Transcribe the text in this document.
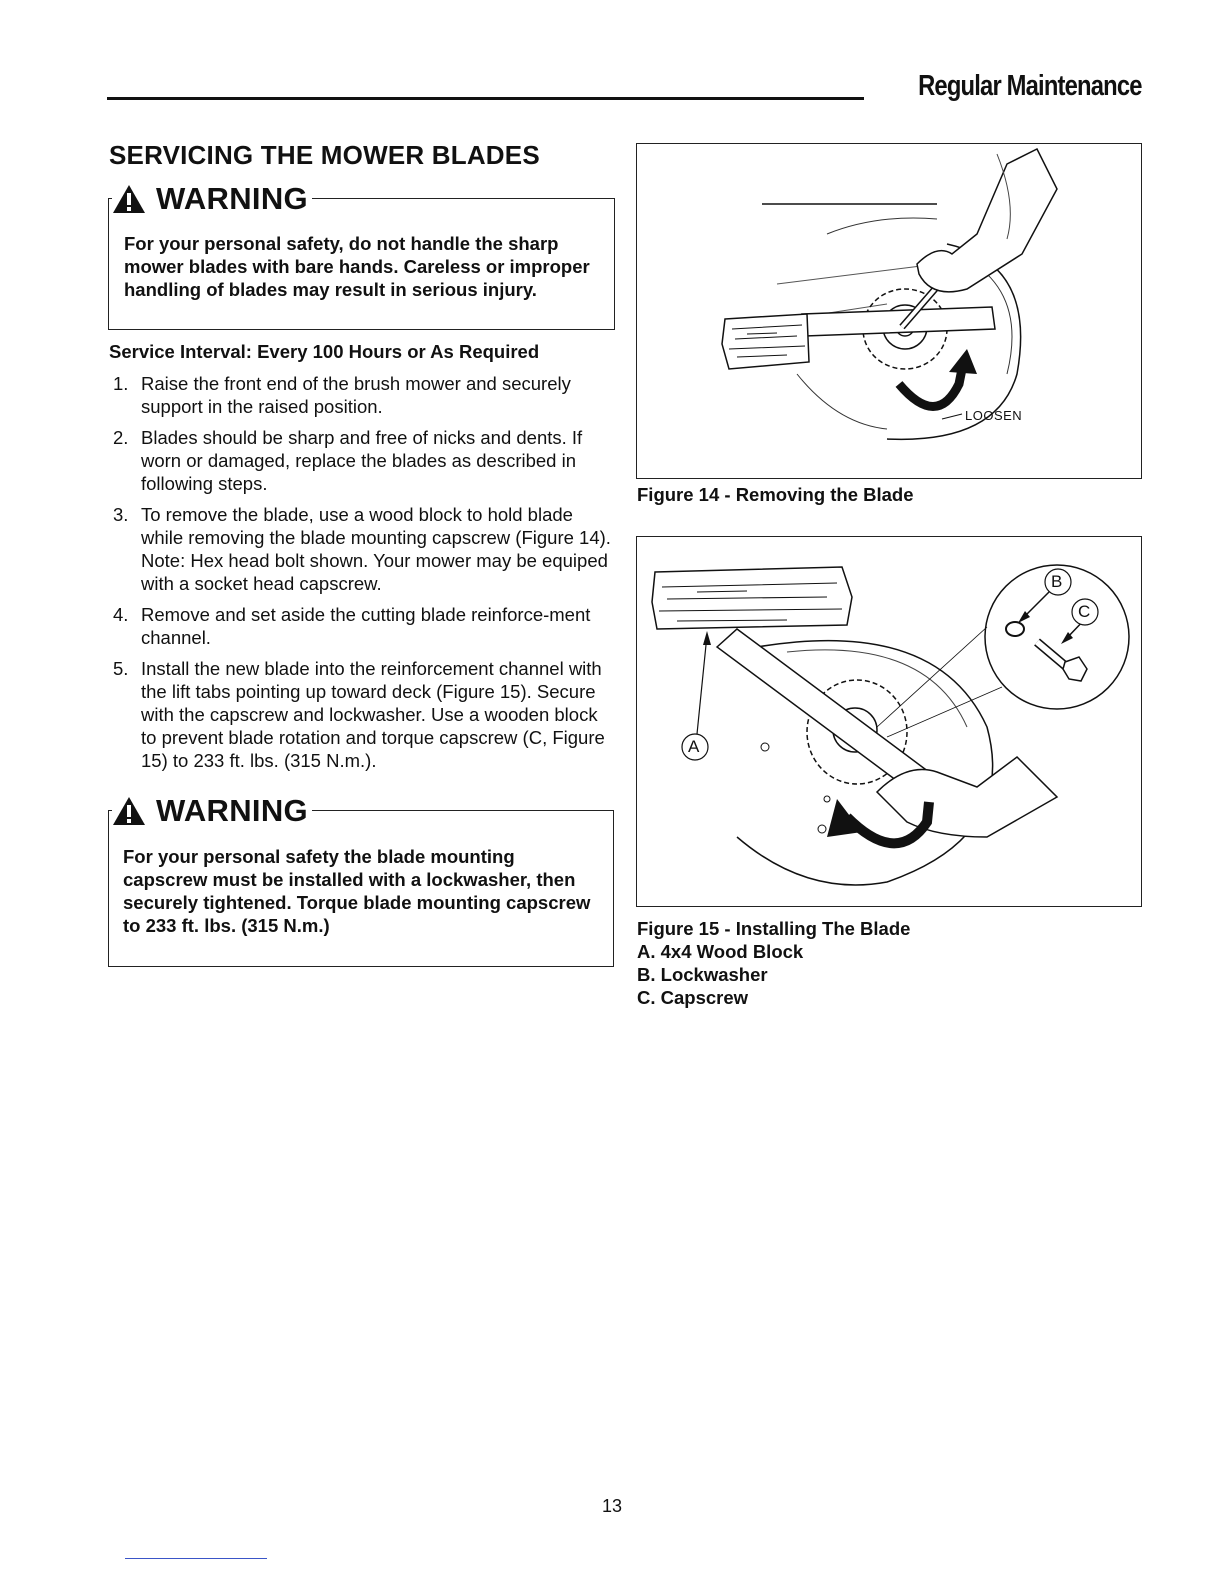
Regular Maintenance
SERVICING THE MOWER BLADES
WARNING
For your personal safety, do not handle the sharp mower blades with bare hands. Careless or improper handling of blades may result in serious injury.
Service Interval: Every 100 Hours or As Required
1. Raise the front end of the brush mower and securely support in the raised position.
2. Blades should be sharp and free of nicks and dents. If worn or damaged, replace the blades as described in following steps.
3. To remove the blade, use a wood block to hold blade while removing the blade mounting capscrew (Figure 14). Note: Hex head bolt shown. Your mower may be equiped with a socket head capscrew.
4. Remove and set aside the cutting blade reinforce-ment channel.
5. Install the new blade into the reinforcement channel with the lift tabs pointing up toward deck (Figure 15). Secure with the capscrew and lockwasher. Use a wooden block to prevent blade rotation and torque capscrew (C, Figure 15) to 233 ft. lbs. (315 N.m.).
WARNING
For your personal safety the blade mounting capscrew must be installed with a lockwasher, then securely tightened. Torque blade mounting capscrew to 233 ft. lbs. (315 N.m.)
LOOSEN
Figure 14 - Removing the Blade
B
C
A
Figure 15 - Installing The Blade
A. 4x4 Wood Block
B. Lockwasher
C. Capscrew
13
